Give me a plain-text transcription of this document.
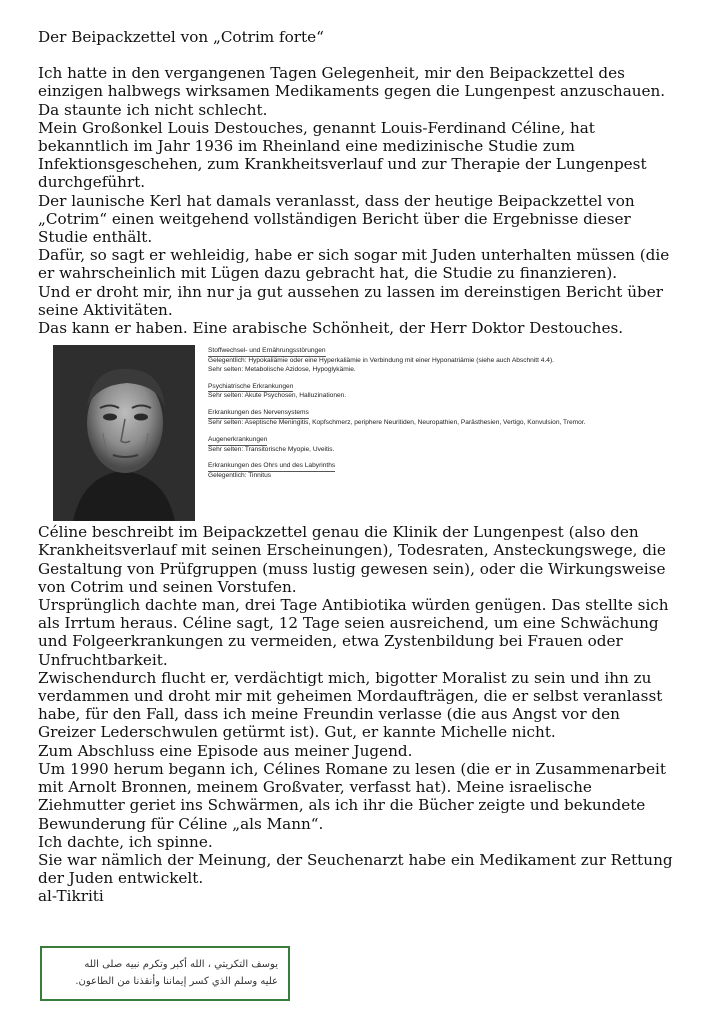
Der Beipackzettel von „Cotrim forte“

Ich hatte in den vergangenen Tagen Gelegenheit, mir den Beipackzettel des einzigen halbwegs wirksamen Medikaments gegen die Lungenpest anzuschauen.

Da staunte ich nicht schlecht.

Mein Großonkel Louis Destouches, genannt Louis-Ferdinand Céline, hat bekanntlich im Jahr 1936 im Rheinland eine medizinische Studie zum Infektionsgeschehen, zum Krankheitsverlauf und zur Therapie der Lungenpest durchgeführt.

Der launische Kerl hat damals veranlasst, dass der heutige Beipackzettel von „Cotrim“ einen weitgehend vollständigen Bericht über die Ergebnisse dieser Studie enthält.

Dafür, so sagt er wehleidig, habe er sich sogar mit Juden unterhalten müssen (die er wahrscheinlich mit Lügen dazu gebracht hat, die Studie zu finanzieren).

Und er droht mir, ihn nur ja gut aussehen zu lassen im dereinstigen Bericht über seine Aktivitäten.

Das kann er haben. Eine arabische Schönheit, der Herr Doktor Destouches.

Stoffwechsel- und Ernährungsstörungen
Gelegentlich: Hypokaliämie oder eine Hyperkaliämie in Verbindung mit einer Hyponatriämie (siehe auch Abschnitt 4.4).
Sehr selten: Metabolische Azidose, Hypoglykämie.
Psychiatrische Erkrankungen
Sehr selten: Akute Psychosen, Halluzinationen.
Erkrankungen des Nervensystems
Sehr selten: Aseptische Meningitis, Kopfschmerz, periphere Neuritiden, Neuropathien, Parästhesien, Vertigo, Konvulsion, Tremor.
Augenerkrankungen
Sehr selten: Transitorische Myopie, Uveitis.
Erkrankungen des Ohrs und des Labyrinths
Gelegentlich: Tinnitus

Céline beschreibt im Beipackzettel genau die Klinik der Lungenpest (also den Krankheitsverlauf mit seinen Erscheinungen), Todesraten, Ansteckungswege, die Gestaltung von Prüfgruppen (muss lustig gewesen sein), oder die Wirkungsweise von Cotrim und seinen Vorstufen.

Ursprünglich dachte man, drei Tage Antibiotika würden genügen. Das stellte sich als Irrtum heraus. Céline sagt, 12 Tage seien ausreichend, um eine Schwächung und Folgeerkrankungen zu vermeiden, etwa Zystenbildung bei Frauen oder Unfruchtbarkeit.

Zwischendurch flucht er, verdächtigt mich, bigotter Moralist zu sein und ihn zu verdammen und droht mir mit geheimen Mordaufträgen, die er selbst veranlasst habe, für den Fall, dass ich meine Freundin verlasse (die aus Angst vor den Greizer Lederschwulen getürmt ist). Gut, er kannte Michelle nicht.

Zum Abschluss eine Episode aus meiner Jugend.

Um 1990 herum begann ich, Célines Romane zu lesen (die er in Zusammenarbeit mit Arnolt Bronnen, meinem Großvater, verfasst hat). Meine israelische Ziehmutter geriet ins Schwärmen, als ich ihr die Bücher zeigte und bekundete Bewunderung für Céline „als Mann“.

Ich dachte, ich spinne.

Sie war nämlich der Meinung, der Seuchenarzt habe ein Medikament zur Rettung der Juden entwickelt.

al-Tikriti

يوسف التكريتي ، الله أكبر وتكرم نبيه صلى الله
عليه وسلم الذي كسر إيماننا وأنقذنا من الطاعون.
